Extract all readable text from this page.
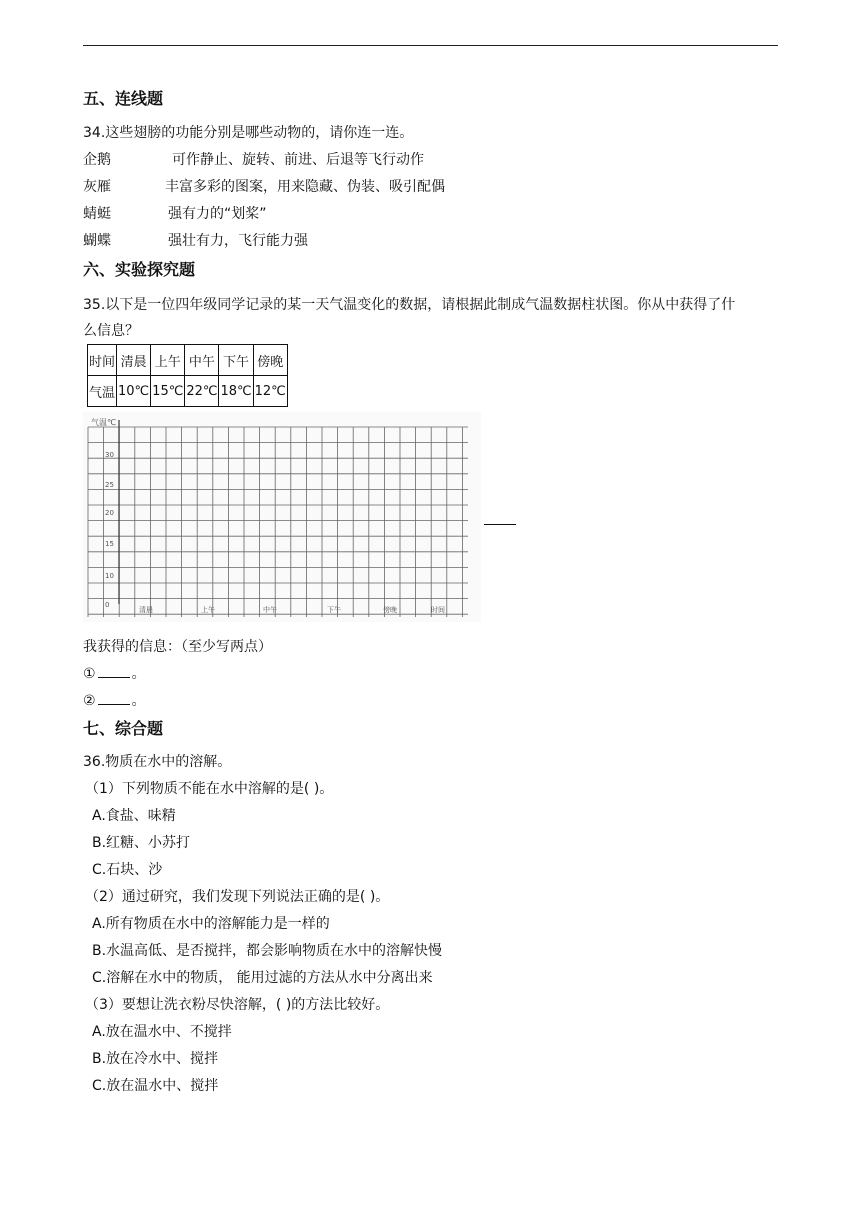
五、连线题
34.这些翅膀的功能分别是哪些动物的，请你连一连。
企鹅	可作静止、旋转、前进、后退等飞行动作
灰雁	丰富多彩的图案，用来隐藏、伪装、吸引配偶
蜻蜓	强有力的“划桨”
蝴蝶	强壮有力，飞行能力强
六、实验探究题
35.以下是一位四年级同学记录的某一天气温变化的数据，请根据此制成气温数据柱状图。你从中获得了什
么信息？
时间	清晨	上午	中午	下午	傍晚
气温	10℃	15℃	22℃	18℃	12℃
气温℃
0
10
15
20
25
30
清晨	上午	中午	下午	傍晚	时间
我获得的信息：（至少写两点）
①	。
②	。
七、综合题
36.物质在水中的溶解。
（1）下列物质不能在水中溶解的是( )。
A.食盐、味精
B.红糖、小苏打
C.石块、沙
（2）通过研究，我们发现下列说法正确的是( )。
A.所有物质在水中的溶解能力是一样的
B.水温高低、是否搅拌，都会影响物质在水中的溶解快慢
C.溶解在水中的物质， 能用过滤的方法从水中分离出来
（3）要想让洗衣粉尽快溶解，( )的方法比较好。
A.放在温水中、不搅拌
B.放在冷水中、搅拌
C.放在温水中、搅拌
